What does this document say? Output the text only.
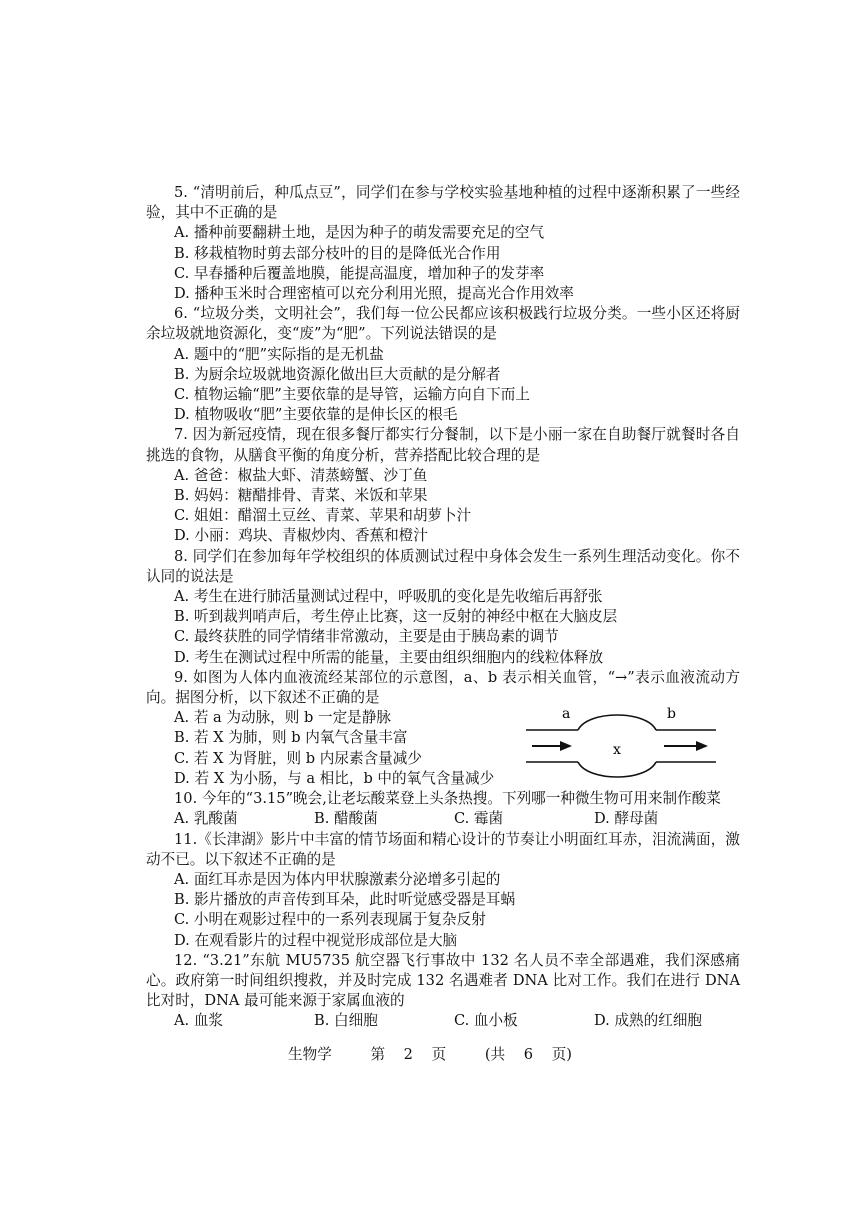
5. “清明前后，种瓜点豆”，同学们在参与学校实验基地种植的过程中逐渐积累了一些经验，其中不正确的是

A. 播种前要翻耕土地，是因为种子的萌发需要充足的空气

B. 移栽植物时剪去部分枝叶的目的是降低光合作用

C. 早春播种后覆盖地膜，能提高温度，增加种子的发芽率

D. 播种玉米时合理密植可以充分利用光照，提高光合作用效率

6. “垃圾分类，文明社会”，我们每一位公民都应该积极践行垃圾分类。一些小区还将厨余垃圾就地资源化，变“废”为“肥”。下列说法错误的是

A. 题中的“肥”实际指的是无机盐

B. 为厨余垃圾就地资源化做出巨大贡献的是分解者

C. 植物运输“肥”主要依靠的是导管，运输方向自下而上

D. 植物吸收“肥”主要依靠的是伸长区的根毛

7. 因为新冠疫情，现在很多餐厅都实行分餐制，以下是小丽一家在自助餐厅就餐时各自挑选的食物，从膳食平衡的角度分析，营养搭配比较合理的是

A. 爸爸：椒盐大虾、清蒸螃蟹、沙丁鱼

B. 妈妈：糖醋排骨、青菜、米饭和苹果

C. 姐姐：醋溜土豆丝、青菜、苹果和胡萝卜汁

D. 小丽：鸡块、青椒炒肉、香蕉和橙汁

8. 同学们在参加每年学校组织的体质测试过程中身体会发生一系列生理活动变化。你不认同的说法是

A. 考生在进行肺活量测试过程中，呼吸肌的变化是先收缩后再舒张

B. 听到裁判哨声后，考生停止比赛，这一反射的神经中枢在大脑皮层

C. 最终获胜的同学情绪非常激动，主要是由于胰岛素的调节

D. 考生在测试过程中所需的能量，主要由组织细胞内的线粒体释放

9. 如图为人体内血液流经某部位的示意图，a、b 表示相关血管，“→”表示血液流动方向。据图分析，以下叙述不正确的是

A. 若 a 为动脉，则 b 一定是静脉

B. 若 X 为肺，则 b 内氧气含量丰富

C. 若 X 为肾脏，则 b 内尿素含量减少

D. 若 X 为小肠，与 a 相比，b 中的氧气含量减少

a	b
x

10. 今年的“3.15”晚会,让老坛酸菜登上头条热搜。下列哪一种微生物可用来制作酸菜

A. 乳酸菌	B. 醋酸菌	C. 霉菌	D. 酵母菌

11.《长津湖》影片中丰富的情节场面和精心设计的节奏让小明面红耳赤，泪流满面，激动不已。以下叙述不正确的是

A. 面红耳赤是因为体内甲状腺激素分泌增多引起的

B. 影片播放的声音传到耳朵，此时听觉感受器是耳蜗

C. 小明在观影过程中的一系列表现属于复杂反射

D. 在观看影片的过程中视觉形成部位是大脑

12. “3.21”东航 MU5735 航空器飞行事故中 132 名人员不幸全部遇难，我们深感痛心。政府第一时间组织搜救，并及时完成 132 名遇难者 DNA 比对工作。我们在进行 DNA 比对时，DNA 最可能来源于家属血液的

A. 血浆	B. 白细胞	C. 血小板	D. 成熟的红细胞
生物学	第 2 页	(共 6 页)
